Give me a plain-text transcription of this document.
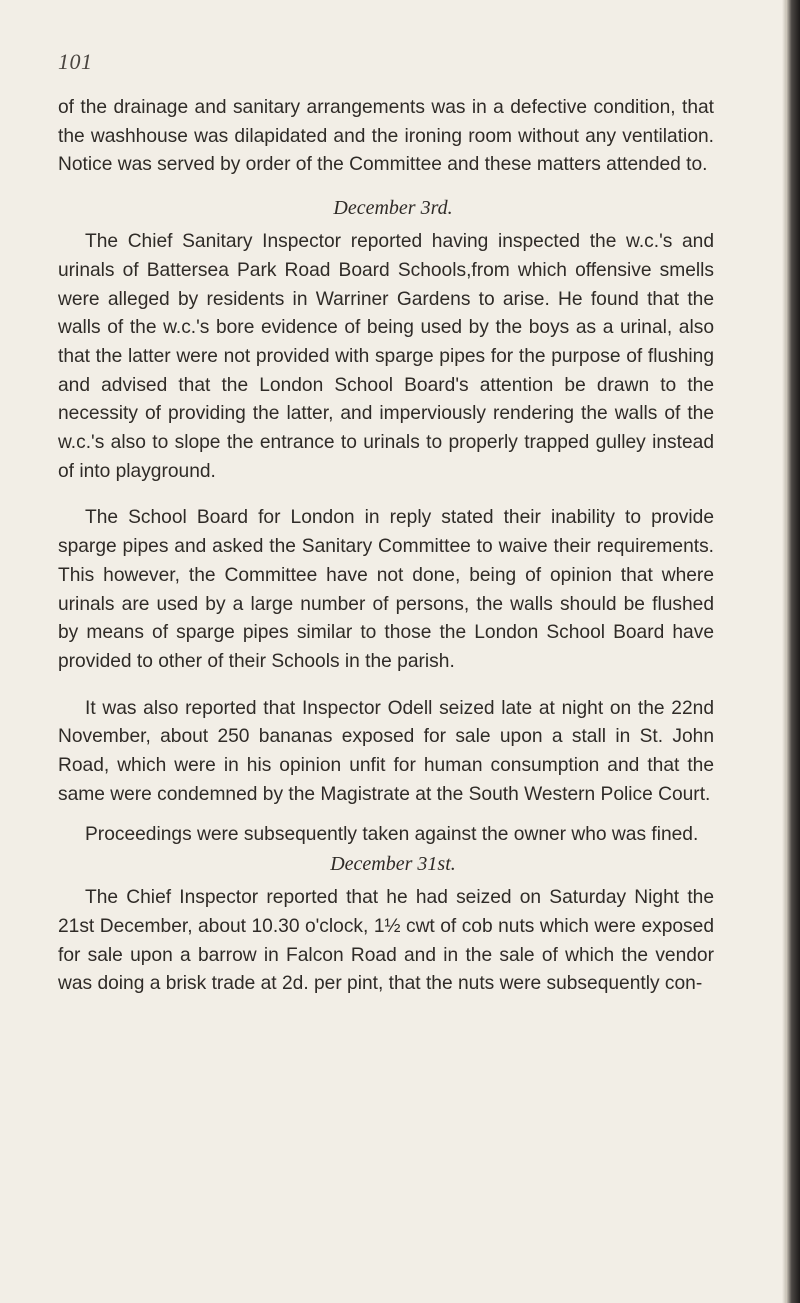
101

of the drainage and sanitary arrangements was in a defective condition, that the washhouse was dilapidated and the ironing room without any ventilation. Notice was served by order of the Committee and these matters attended to.

December 3rd.

The Chief Sanitary Inspector reported having inspected the w.c.'s and urinals of Battersea Park Road Board Schools,from which offensive smells were alleged by residents in Warriner Gardens to arise. He found that the walls of the w.c.'s bore evidence of being used by the boys as a urinal, also that the latter were not provided with sparge pipes for the purpose of flushing and advised that the London School Board's attention be drawn to the necessity of providing the latter, and imperviously rendering the walls of the w.c.'s also to slope the entrance to urinals to properly trapped gulley instead of into playground.

The School Board for London in reply stated their inability to provide sparge pipes and asked the Sanitary Committee to waive their requirements. This however, the Committee have not done, being of opinion that where urinals are used by a large number of persons, the walls should be flushed by means of sparge pipes similar to those the London School Board have provided to other of their Schools in the parish.

It was also reported that Inspector Odell seized late at night on the 22nd November, about 250 bananas exposed for sale upon a stall in St. John Road, which were in his opinion unfit for human consumption and that the same were condemned by the Magistrate at the South Western Police Court.

Proceedings were subsequently taken against the owner who was fined.

December 31st.

The Chief Inspector reported that he had seized on Saturday Night the 21st December, about 10.30 o'clock, 1½ cwt of cob nuts which were exposed for sale upon a barrow in Falcon Road and in the sale of which the vendor was doing a brisk trade at 2d. per pint, that the nuts were subsequently con-
